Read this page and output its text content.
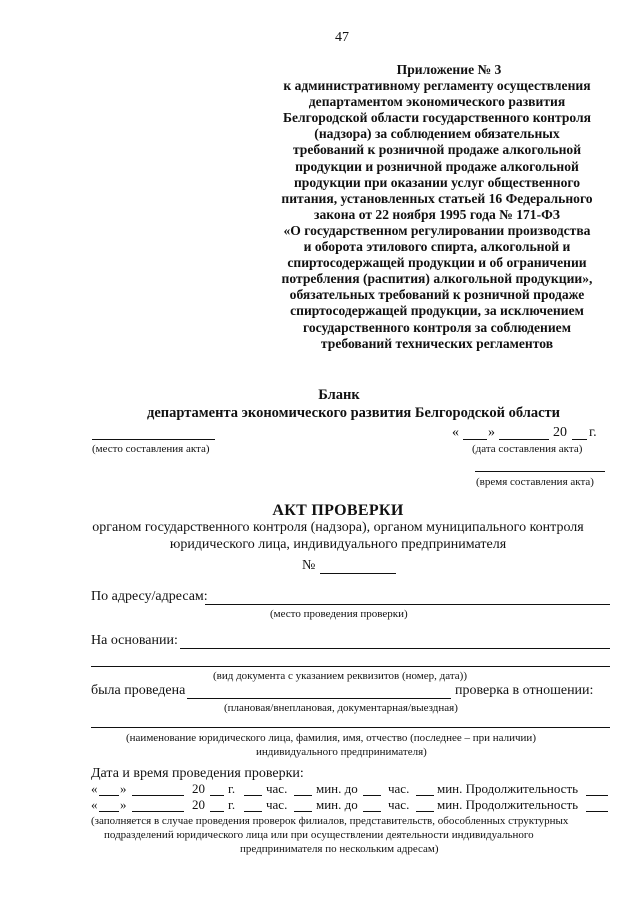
47
Приложение № 3
к административному регламенту осуществления
департаментом экономического развития
Белгородской области государственного контроля
(надзора) за соблюдением обязательных
требований к розничной продаже алкогольной
продукции и розничной продаже алкогольной
продукции при оказании услуг общественного
питания, установленных статьей 16 Федерального
закона от 22 ноября 1995 года № 171-ФЗ
«О государственном регулировании производства
и оборота этилового спирта, алкогольной и
спиртосодержащей продукции и об ограничении
потребления (распития) алкогольной продукции»,
обязательных требований к розничной продаже
спиртосодержащей продукции, за исключением
государственного контроля за соблюдением
требований технических регламентов
Бланк
департамента экономического развития Белгородской области
« »	20 г.
(место составления акта)	(дата составления акта)
(время составления акта)
АКТ ПРОВЕРКИ
органом государственного контроля (надзора), органом муниципального контроля
юридического лица, индивидуального предпринимателя
№
По адресу/адресам:
(место проведения проверки)
На основании:
(вид документа с указанием реквизитов (номер, дата))
была проведена	проверка в отношении:
(плановая/внеплановая, документарная/выездная)
(наименование юридического лица, фамилия, имя, отчество (последнее – при наличии)
индивидуального предпринимателя)
Дата и время проведения проверки:
« »	20 г. час. мин. до час. мин. Продолжительность
« »	20 г. час. мин. до час. мин. Продолжительность
(заполняется в случае проведения проверок филиалов, представительств, обособленных структурных
подразделений юридического лица или при осуществлении деятельности индивидуального
предпринимателя по нескольким адресам)
